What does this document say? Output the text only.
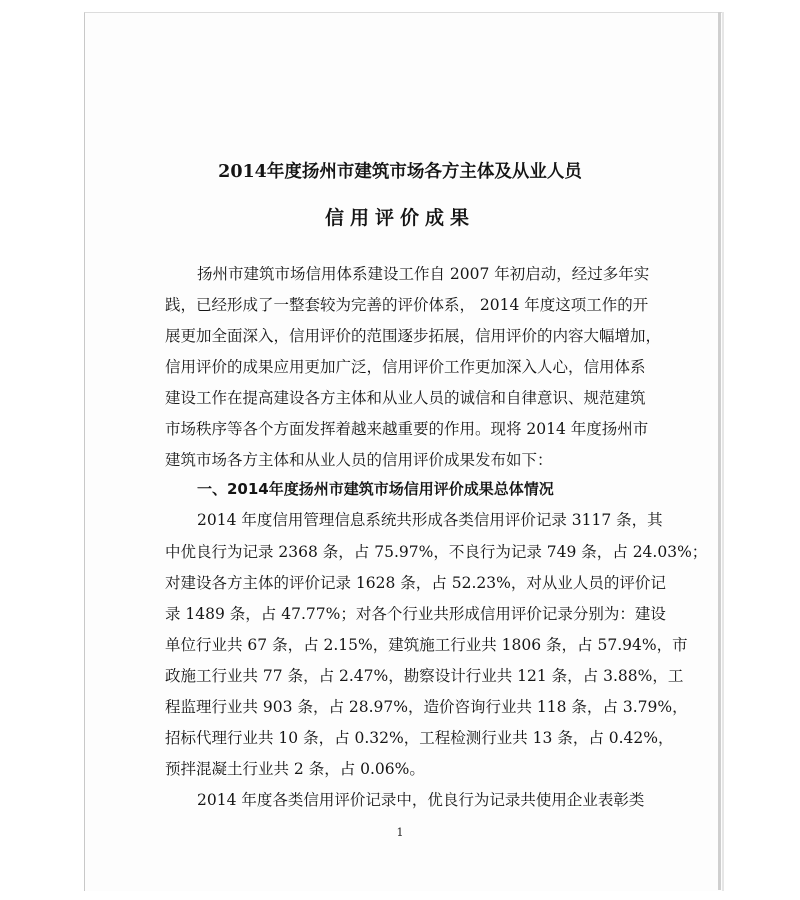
2014年度扬州市建筑市场各方主体及从业人员
信用评价成果
扬州市建筑市场信用体系建设工作自 2007 年初启动，经过多年实
践，已经形成了一整套较为完善的评价体系， 2014 年度这项工作的开
展更加全面深入，信用评价的范围逐步拓展，信用评价的内容大幅增加，
信用评价的成果应用更加广泛，信用评价工作更加深入人心，信用体系
建设工作在提高建设各方主体和从业人员的诚信和自律意识、规范建筑
市场秩序等各个方面发挥着越来越重要的作用。现将 2014 年度扬州市
建筑市场各方主体和从业人员的信用评价成果发布如下：
一、2014年度扬州市建筑市场信用评价成果总体情况
2014 年度信用管理信息系统共形成各类信用评价记录 3117 条，其
中优良行为记录 2368 条，占 75.97%，不良行为记录 749 条，占 24.03%；
对建设各方主体的评价记录 1628 条，占 52.23%，对从业人员的评价记
录 1489 条，占 47.77%；对各个行业共形成信用评价记录分别为：建设
单位行业共 67 条，占 2.15%，建筑施工行业共 1806 条，占 57.94%，市
政施工行业共 77 条，占 2.47%，勘察设计行业共 121 条，占 3.88%，工
程监理行业共 903 条，占 28.97%，造价咨询行业共 118 条，占 3.79%，
招标代理行业共 10 条，占 0.32%，工程检测行业共 13 条，占 0.42%，
预拌混凝土行业共 2 条，占 0.06%。
2014 年度各类信用评价记录中，优良行为记录共使用企业表彰类
1
